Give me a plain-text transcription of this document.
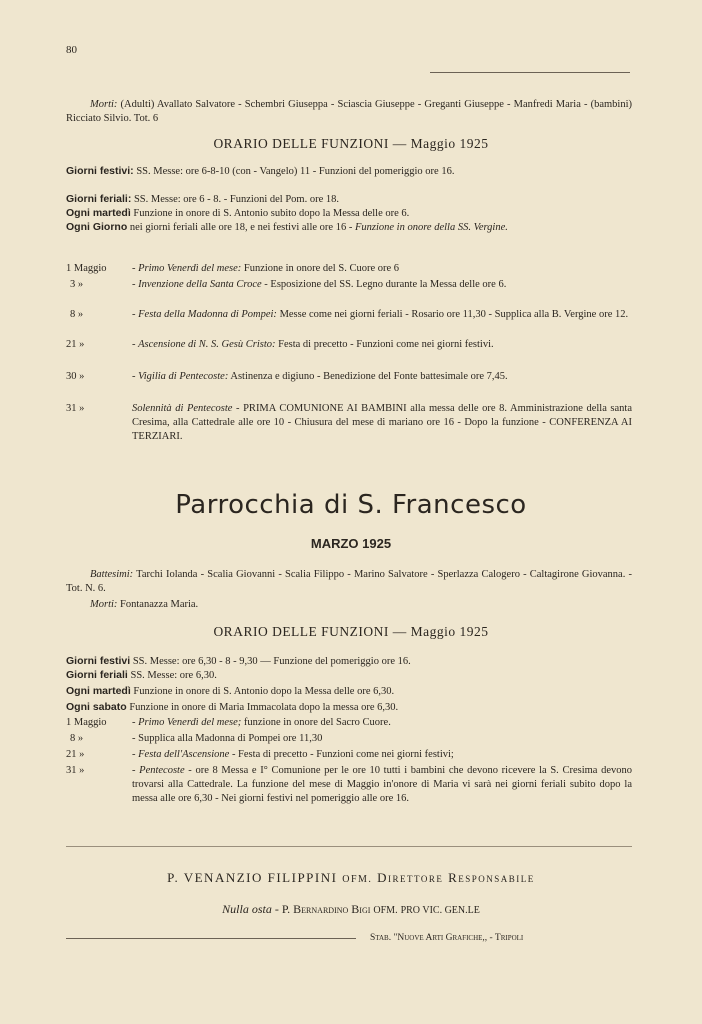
80
Morti: (Adulti) Avallato Salvatore - Schembri Giuseppa - Sciascia Giuseppe - Greganti Giuseppe - Manfredi Maria - (bambini) Ricciato Silvio. Tot. 6
ORARIO DELLE FUNZIONI — Maggio 1925
Giorni festivi: SS. Messe: ore 6-8-10 (con - Vangelo) 11 - Funzioni del pomeriggio ore 16.
Giorni feriali: SS. Messe: ore 6 - 8. - Funzioni del Pom. ore 18.
Ogni martedì Funzione in onore di S. Antonio subito dopo la Messa delle ore 6.
Ogni Giorno nei giorni feriali alle ore 18, e nei festivi alle ore 16 - Funzione in onore della SS. Vergine.
1 Maggio	- Primo Venerdì del mese: Funzione in onore del S. Cuore ore 6
3 »	- Invenzione della Santa Croce - Esposizione del SS. Legno durante la Messa delle ore 6.
8 »	- Festa della Madonna di Pompei: Messe come nei giorni feriali - Rosario ore 11,30 - Supplica alla B. Vergine ore 12.
21 »	- Ascensione di N. S. Gesù Cristo: Festa di precetto - Funzioni come nei giorni festivi.
30 »	- Vigilia di Pentecoste: Astinenza e digiuno - Benedizione del Fonte battesimale ore 7,45.
31 »	Solennità di Pentecoste - PRIMA COMUNIONE AI BAMBINI alla messa delle ore 8. Amministrazione della santa Cresima, alla Cattedrale alle ore 10 - Chiusura del mese di mariano ore 16 - Dopo la funzione - CONFERENZA AI TERZIARI.
Parrocchia di S. Francesco
MARZO 1925
Battesimi: Tarchi Iolanda - Scalia Giovanni - Scalia Filippo - Marino Salvatore - Sperlazza Calogero - Caltagirone Giovanna. - Tot. N. 6.
Morti: Fontanazza Maria.
ORARIO DELLE FUNZIONI — Maggio 1925
Giorni festivi SS. Messe: ore 6,30 - 8 - 9,30 — Funzione del pomeriggio ore 16.
Giorni feriali SS. Messe: ore 6,30.
Ogni martedì Funzione in onore di S. Antonio dopo la Messa delle ore 6,30.
Ogni sabato Funzione in onore di Maria Immacolata dopo la messa ore 6,30.
1 Maggio	- Primo Venerdì del mese; funzione in onore del Sacro Cuore.
8 »	- Supplica alla Madonna di Pompei ore 11,30
21 »	- Festa dell'Ascensione - Festa di precetto - Funzioni come nei giorni festivi;
31 »	- Pentecoste - ore 8 Messa e I° Comunione per le ore 10 tutti i bambini che devono ricevere la S. Cresima devono trovarsi alla Cattedrale. La funzione del mese di Maggio in'onore di Maria vi sarà nei giorni feriali subito dopo la messa alle ore 6,30 - Nei giorni festivi nel pomeriggio alle ore 16.
P. VENANZIO FILIPPINI OFM. Direttore Responsabile
Nulla osta - P. Bernardino Bigi OFM. PRO VIC. GEN.LE
Stab. "Nuove Arti Grafiche,, - Tripoli
